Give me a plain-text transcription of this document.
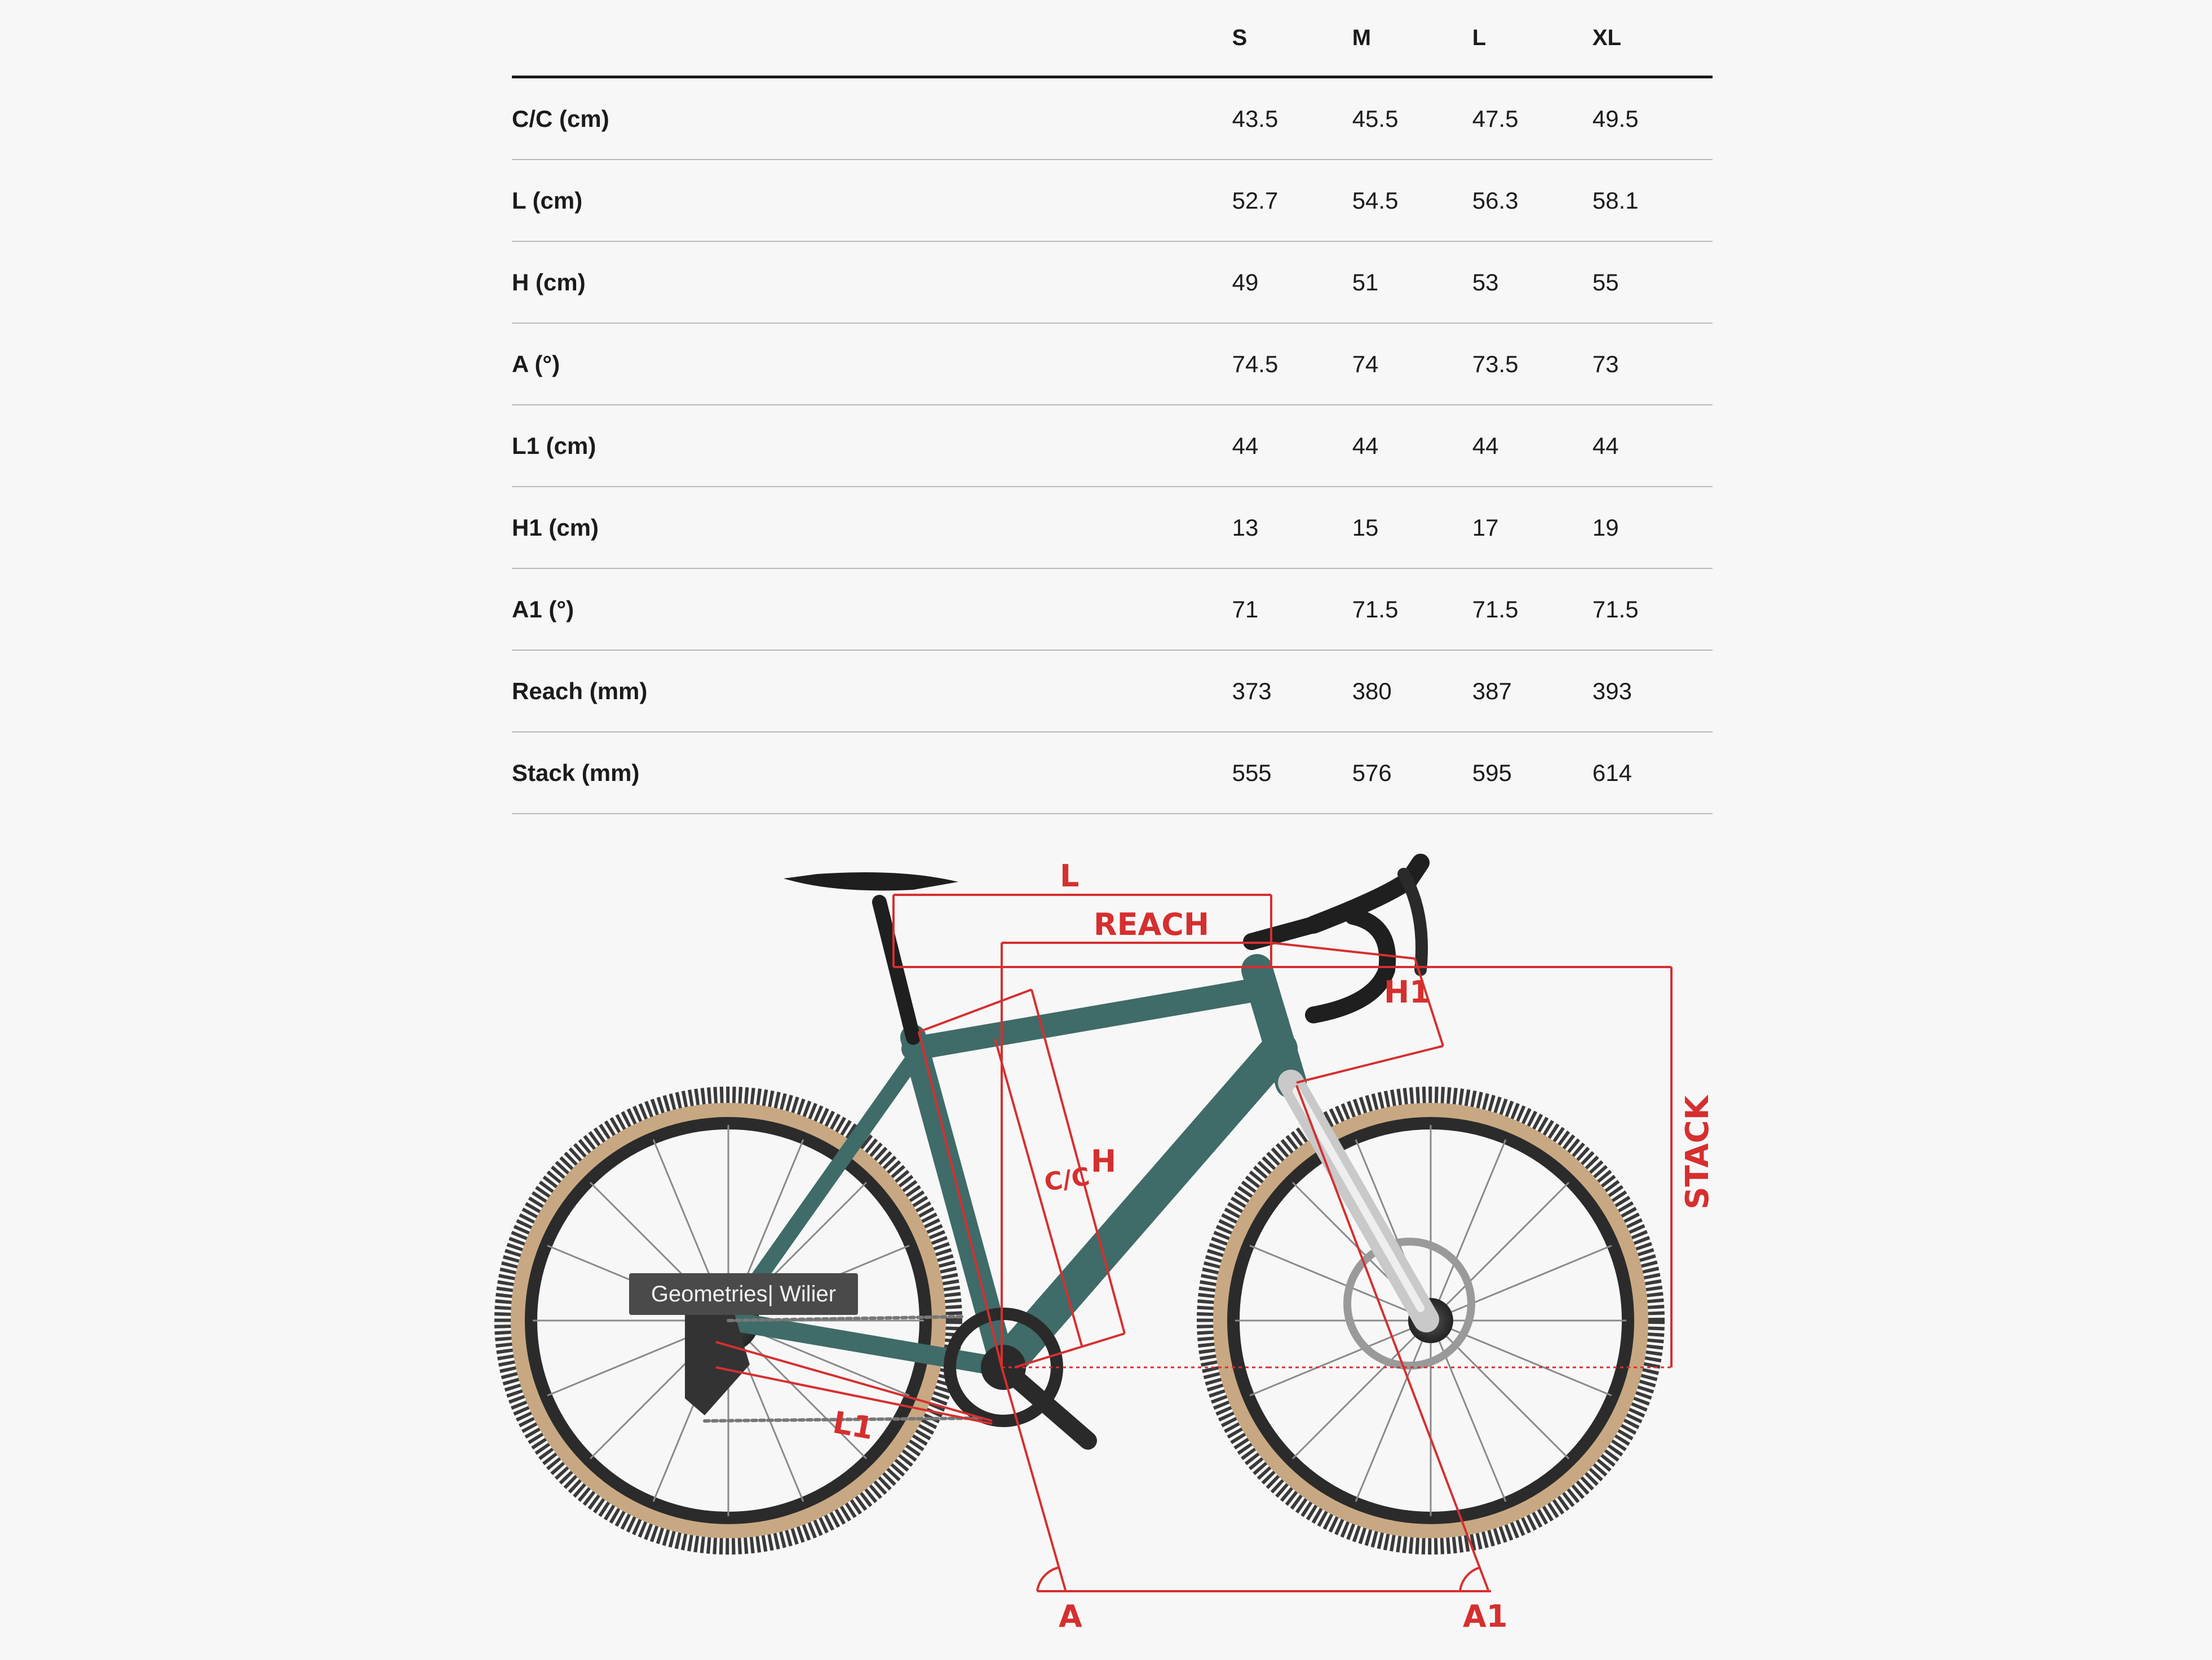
	S	M	L	XL
C/C (cm)	43.5	45.5	47.5	49.5
L (cm)	52.7	54.5	56.3	58.1
H (cm)	49	51	53	55
A (°)	74.5	74	73.5	73
L1 (cm)	44	44	44	44
H1 (cm)	13	15	17	19
A1 (°)	71	71.5	71.5	71.5
Reach (mm)	373	380	387	393
Stack (mm)	555	576	595	614
L
REACH
H1
C/C
H	STACK
L1
A	A1
Geometries| Wilier
